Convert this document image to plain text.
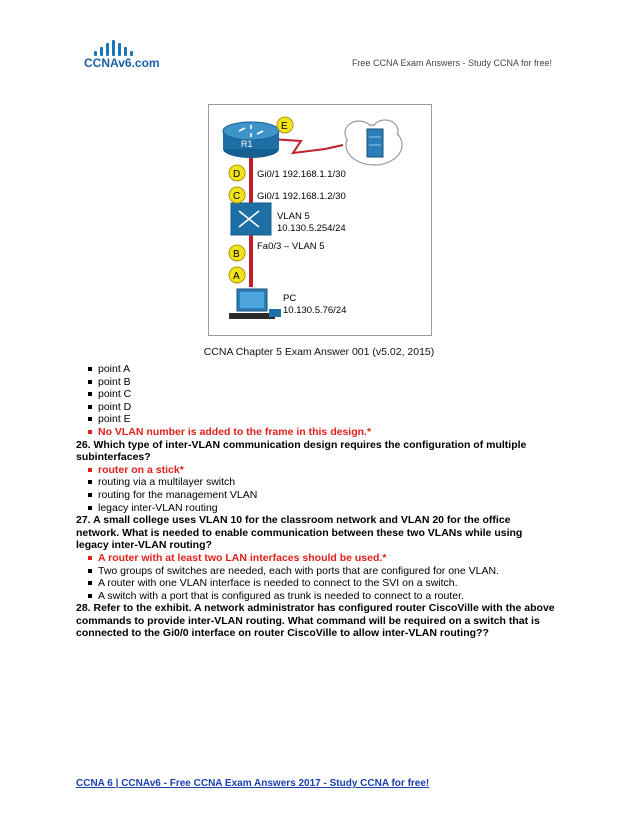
CCNAv6.com	Free CCNA Exam Answers - Study CCNA for free!
R1
E
D
C
B
A
Gi0/1 192.168.1.1/30
Gi0/1 192.168.1.2/30
VLAN 5
10.130.5.254/24
Fa0/3 – VLAN 5
PC
10.130.5.76/24
CCNA Chapter 5 Exam Answer 001 (v5.02, 2015)
point A
point B
point C
point D
point E
No VLAN number is added to the frame in this design.*
26. Which type of inter-VLAN communication design requires the configuration of multiple subinterfaces?
router on a stick*
routing via a multilayer switch
routing for the management VLAN
legacy inter-VLAN routing
27. A small college uses VLAN 10 for the classroom network and VLAN 20 for the office network. What is needed to enable communication between these two VLANs while using legacy inter-VLAN routing?
A router with at least two LAN interfaces should be used.*
Two groups of switches are needed, each with ports that are configured for one VLAN.
A router with one VLAN interface is needed to connect to the SVI on a switch.
A switch with a port that is configured as trunk is needed to connect to a router.
28. Refer to the exhibit. A network administrator has configured router CiscoVille with the above commands to provide inter-VLAN routing. What command will be required on a switch that is connected to the Gi0/0 interface on router CiscoVille to allow inter-VLAN routing??
CCNA 6 | CCNAv6 - Free CCNA Exam Answers 2017 - Study CCNA for free!
